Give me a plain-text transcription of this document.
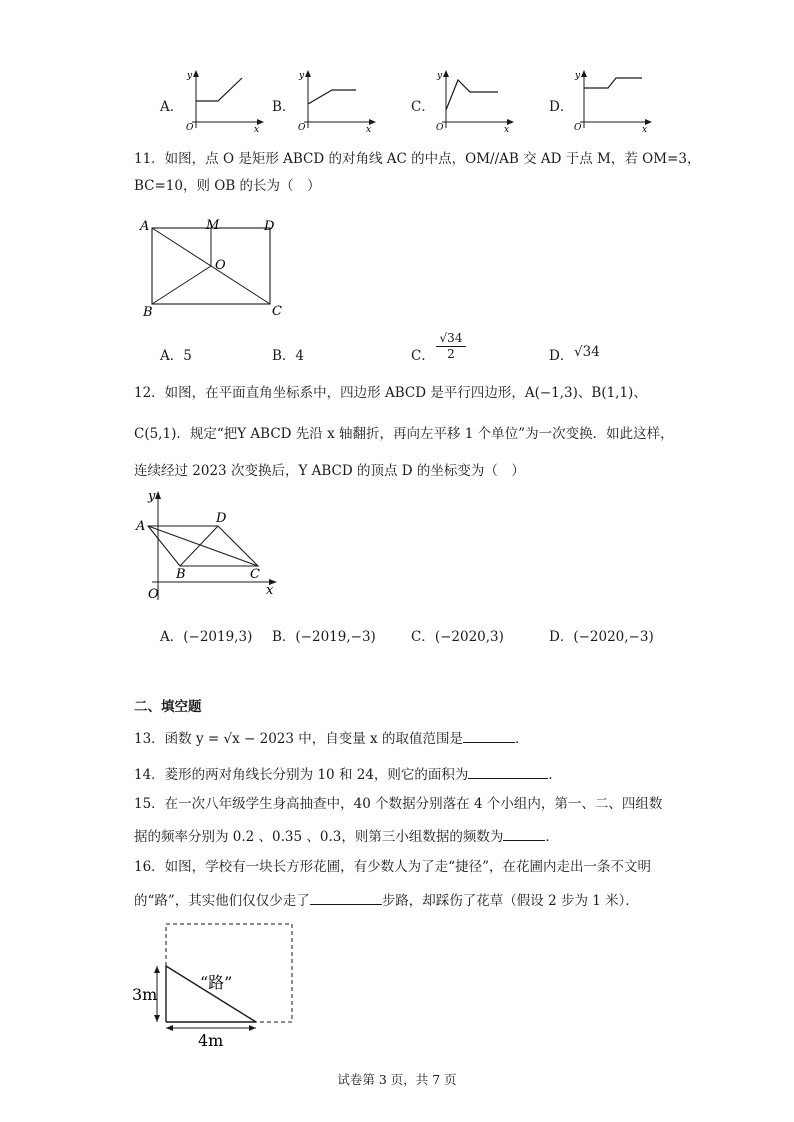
A．
y
O	x
B．
y
O	x
C．
y
O	x
D．
y
O	x
11．如图，点 O 是矩形 ABCD 的对角线 AC 的中点，OM//AB 交 AD 于点 M，若 OM=3，
BC=10，则 OB 的长为（　）
A	M	D
O
B	C
A．5	B．4	C． $\frac{√34}{2}$	D． √34
12．如图，在平面直角坐标系中，四边形 ABCD 是平行四边形，A(−1,3)、B(1,1)、
C(5,1)．规定“把Y ABCD 先沿 x 轴翻折，再向左平移 1 个单位”为一次变换．如此这样，
连续经过 2023 次变换后，Y ABCD 的顶点 D 的坐标变为（　）
y
A
D
B	C
O	x
A．(−2019,3) B．(−2019,−3)	C．(−2020,3)	D．(−2020,−3)
二、填空题
13．函数 y = √x − 2023 中，自变量 x 的取值范围是	．
14．菱形的两对角线长分别为 10 和 24，则它的面积为	．
15．在一次八年级学生身高抽查中，40 个数据分别落在 4 个小组内，第一、二、四组数
据的频率分别为 0.2 、0.35 、0.3，则第三小组数据的频数为	．
16．如图，学校有一块长方形花圃，有少数人为了走“捷径”，在花圃内走出一条不文明
的“路”，其实他们仅仅少走了	步路，却踩伤了花草（假设 2 步为 1 米）．
“路”
3m
4m
试卷第 3 页，共 7 页
